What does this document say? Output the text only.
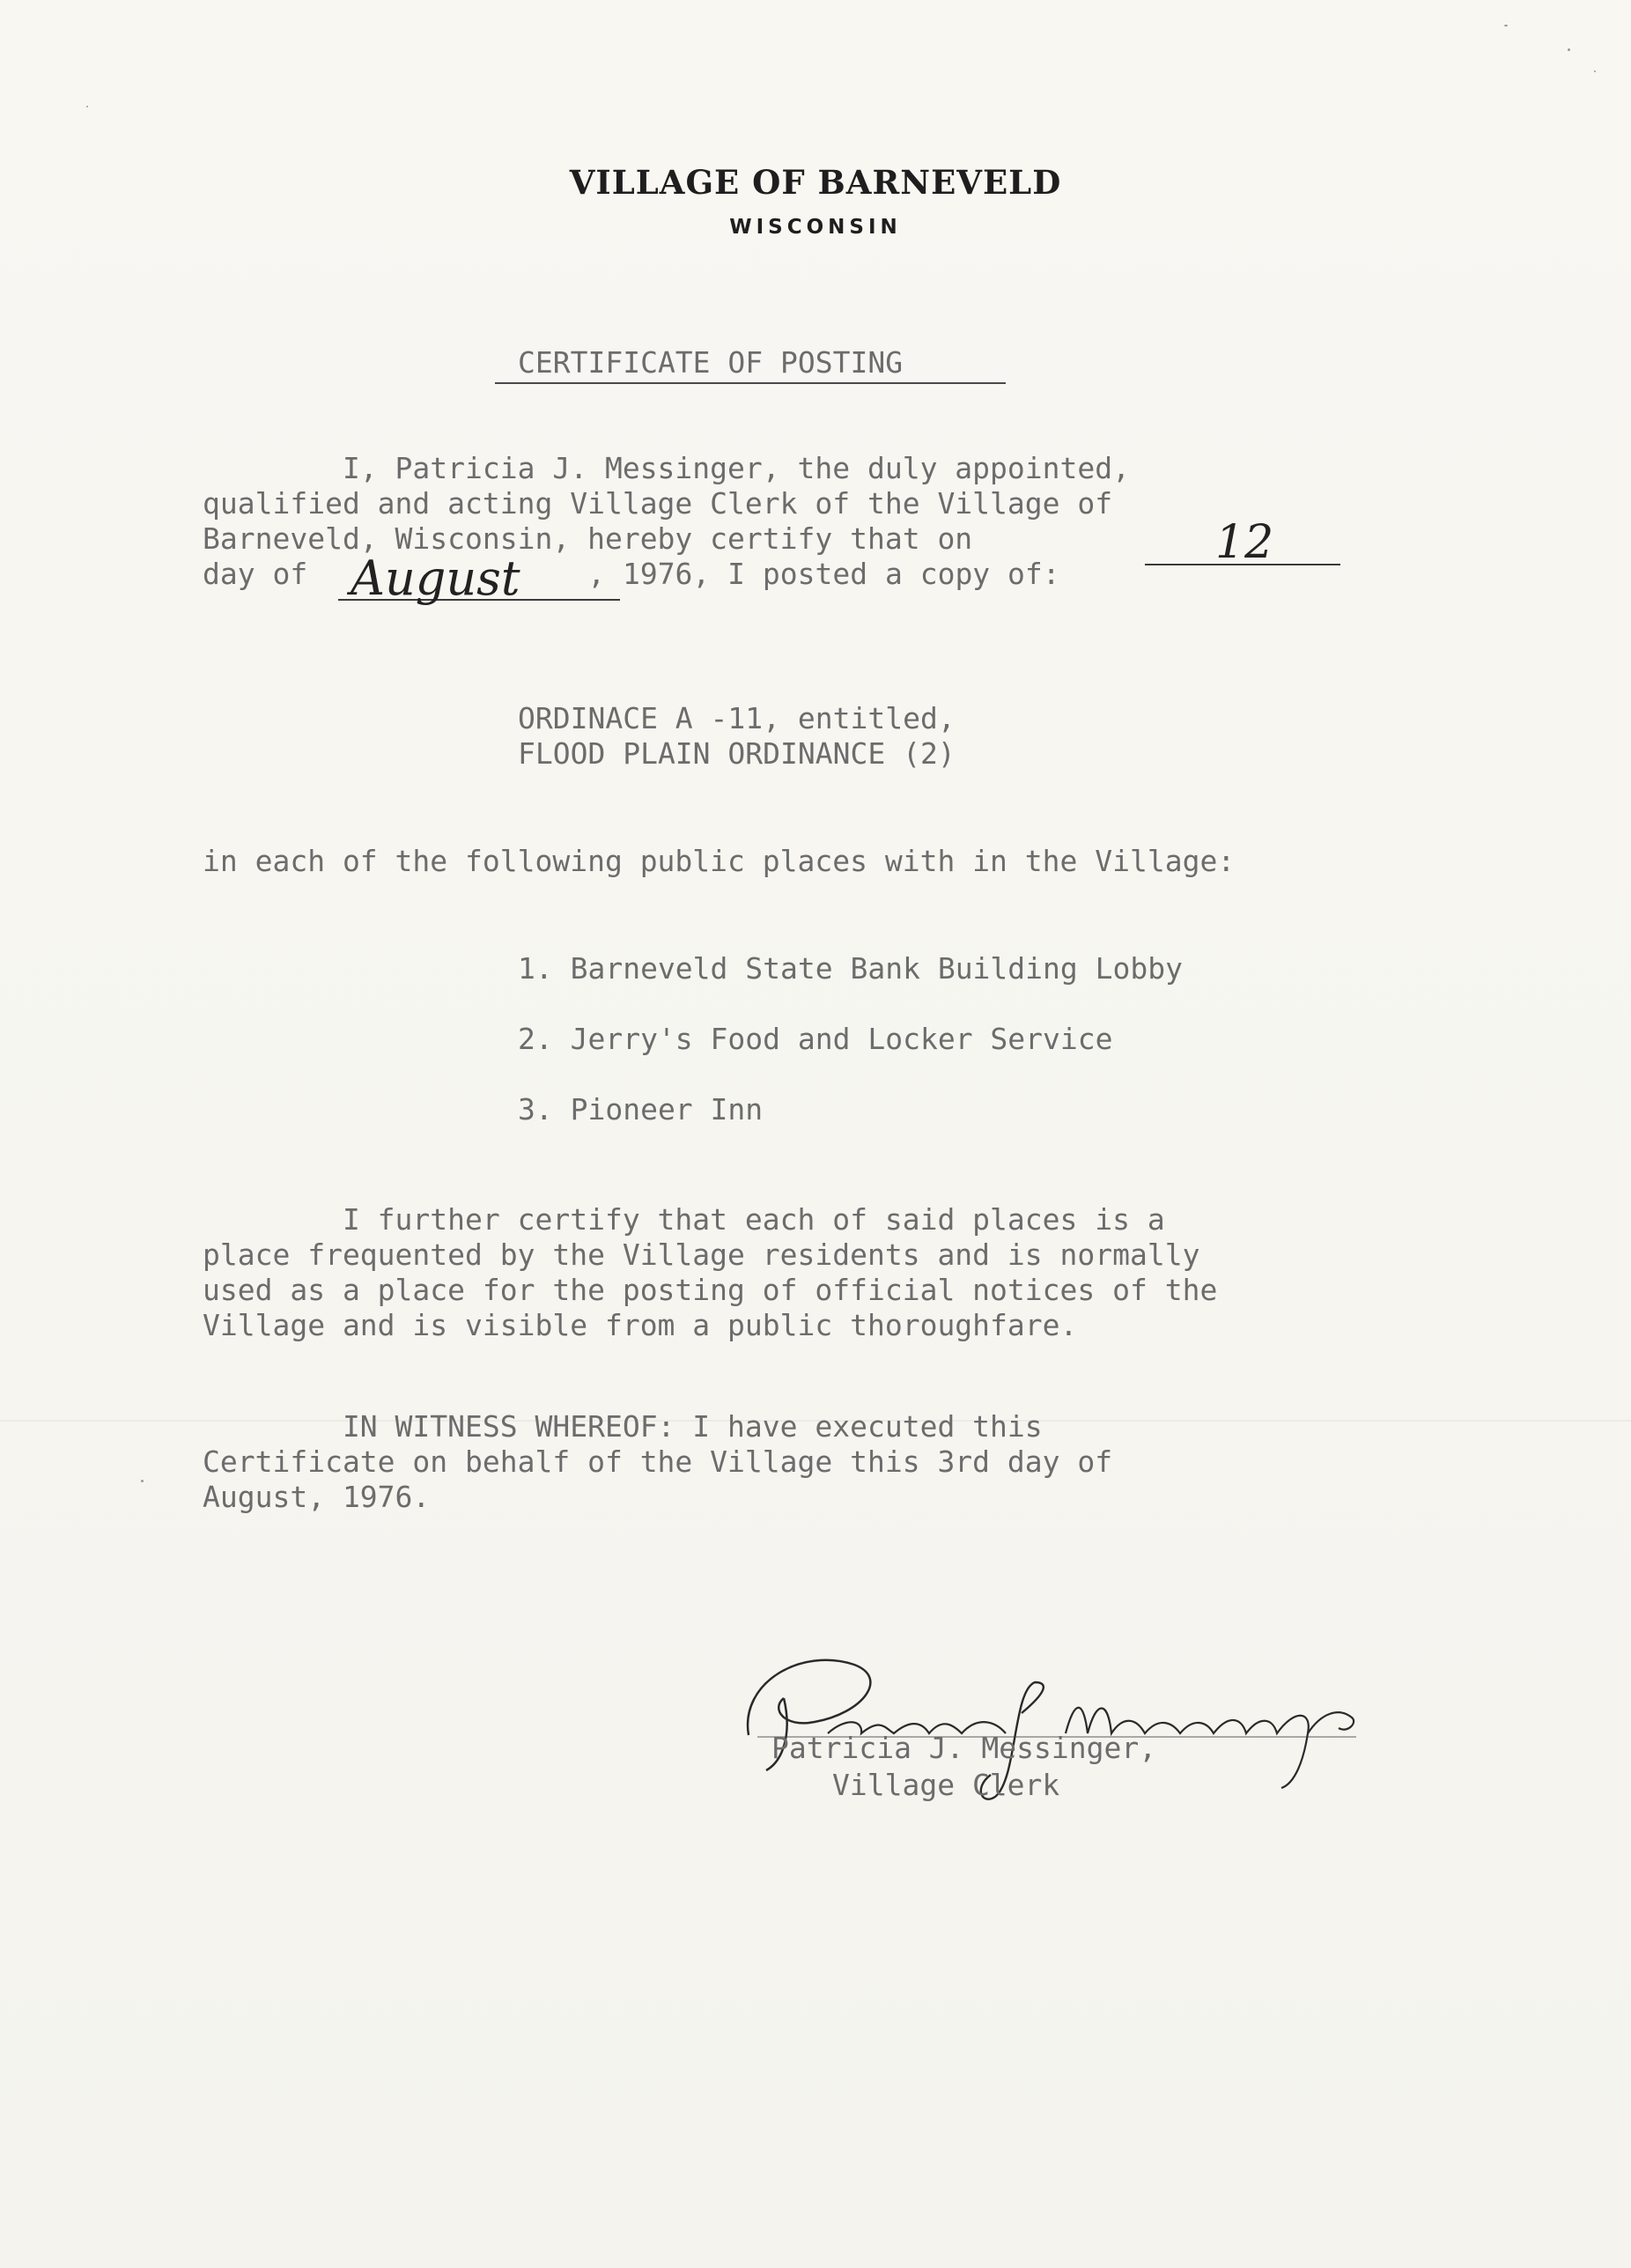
VILLAGE OF BARNEVELD
WISCONSIN
CERTIFICATE OF POSTING
I, Patricia J. Messinger, the duly appointed,
qualified and acting Village Clerk of the Village of
Barneveld, Wisconsin, hereby certify that on
day of	, 1976, I posted a copy of:
12
August
ORDINACE A -11, entitled,
FLOOD PLAIN ORDINANCE (2)
in each of the following public places with in the Village:
1. Barneveld State Bank Building Lobby
2. Jerry's Food and Locker Service
3. Pioneer Inn
I further certify that each of said places is a
place frequented by the Village residents and is normally
used as a place for the posting of official notices of the
Village and is visible from a public thoroughfare.
IN WITNESS WHEREOF: I have executed this
Certificate on behalf of the Village this 3rd day of
August, 1976.
Patricia J. Messinger,
Village Clerk
